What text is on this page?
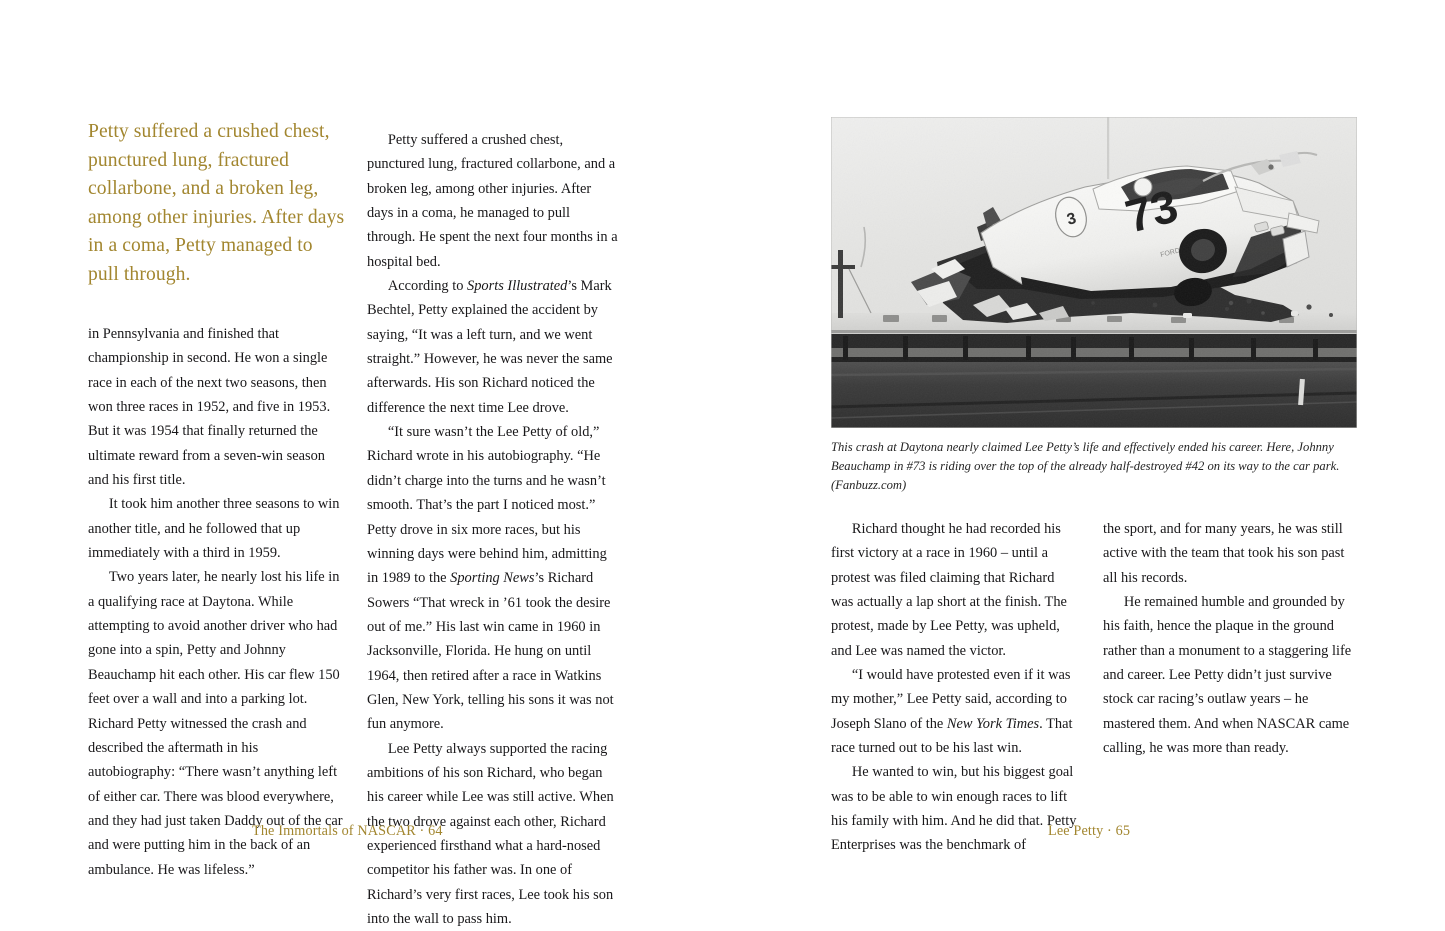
Petty suffered a crushed chest, punctured lung, fractured collarbone, and a broken leg, among other injuries. After days in a coma, Petty managed to pull through.

in Pennsylvania and finished that championship in second. He won a single race in each of the next two seasons, then won three races in 1952, and five in 1953. But it was 1954 that finally returned the ultimate reward from a seven-win season and his first title.

It took him another three seasons to win another title, and he followed that up immediately with a third in 1959.

Two years later, he nearly lost his life in a qualifying race at Daytona. While attempting to avoid another driver who had gone into a spin, Petty and Johnny Beauchamp hit each other. His car flew 150 feet over a wall and into a parking lot. Richard Petty witnessed the crash and described the aftermath in his autobiography: “There wasn’t anything left of either car. There was blood everywhere, and they had just taken Daddy out of the car and were putting him in the back of an ambulance. He was lifeless.”

Petty suffered a crushed chest, punctured lung, fractured collarbone, and a broken leg, among other injuries. After days in a coma, he managed to pull through. He spent the next four months in a hospital bed.

According to Sports Illustrated’s Mark Bechtel, Petty explained the accident by saying, “It was a left turn, and we went straight.” However, he was never the same afterwards. His son Richard noticed the difference the next time Lee drove.

“It sure wasn’t the Lee Petty of old,” Richard wrote in his autobiography. “He didn’t charge into the turns and he wasn’t smooth. That’s the part I noticed most.” Petty drove in six more races, but his winning days were behind him, admitting in 1989 to the Sporting News’s Richard Sowers “That wreck in ’61 took the desire out of me.” His last win came in 1960 in Jacksonville, Florida. He hung on until 1964, then retired after a race in Watkins Glen, New York, telling his sons it was not fun anymore.

Lee Petty always supported the racing ambitions of his son Richard, who began his career while Lee was still active. When the two drove against each other, Richard experienced firsthand what a hard-nosed competitor his father was. In one of Richard’s very first races, Lee took his son into the wall to pass him.

The Immortals of NASCAR · 64
This crash at Daytona nearly claimed Lee Petty’s life and effectively ended his career. Here, Johnny Beauchamp in #73 is riding over the top of the already half-destroyed #42 on its way to the car park. (Fanbuzz.com)

Richard thought he had recorded his first victory at a race in 1960 – until a protest was filed claiming that Richard was actually a lap short at the finish. The protest, made by Lee Petty, was upheld, and Lee was named the victor.

“I would have protested even if it was my mother,” Lee Petty said, according to Joseph Slano of the New York Times. That race turned out to be his last win.

He wanted to win, but his biggest goal was to be able to win enough races to lift his family with him. And he did that. Petty Enterprises was the benchmark of

the sport, and for many years, he was still active with the team that took his son past all his records.

He remained humble and grounded by his faith, hence the plaque in the ground rather than a monument to a staggering life and career. Lee Petty didn’t just survive stock car racing’s outlaw years – he mastered them. And when NASCAR came calling, he was more than ready.

Lee Petty · 65
